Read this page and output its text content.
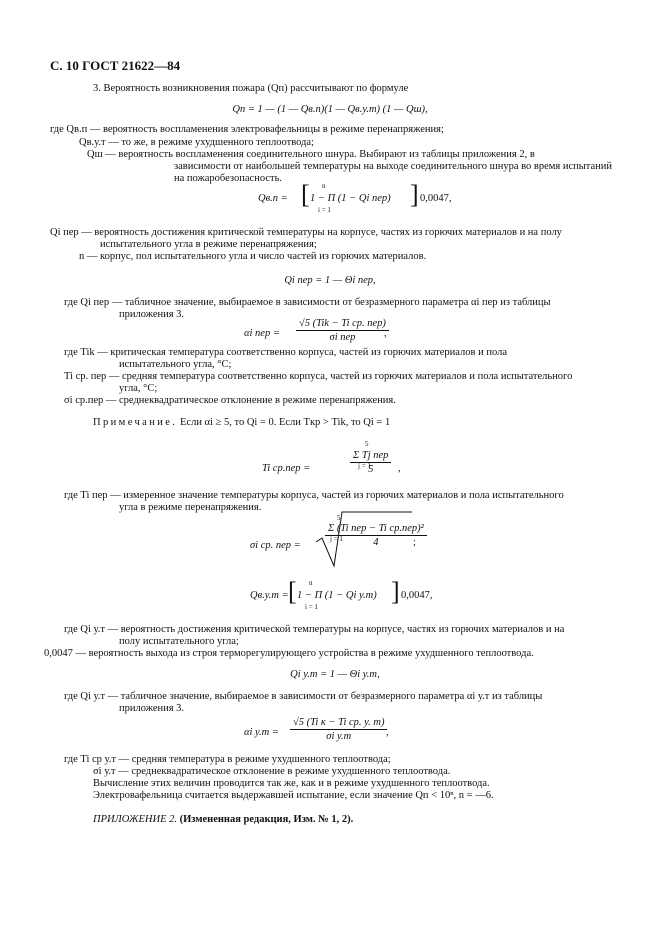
С. 10 ГОСТ 21622—84
3. Вероятность возникновения пожара (Qп) рассчитывают по формуле
Qп = 1 — (1 — Qв.п)(1 — Qв.у.т) (1 — Qш),
где Qв.п — вероятность воспламенения электровафельницы в режиме перенапряжения;
Qв.у.т — то же, в режиме ухудшенного теплоотвода;
Qш — вероятность воспламенения соединительного шнура. Выбирают из таблицы приложения 2, в
зависимости от наибольшей температуры на выходе соединительного шнура во время испытаний
на пожаробезопасность.
Qв.п = [ n
1 − Π (1 − Qi пер)
i = 1
] 0,0047,
Qi пер — вероятность достижения критической температуры на корпусе, частях из горючих материалов и на полу
испытательного угла в режиме перенапряжения;
n — корпус, пол испытательного угла и число частей из горючих материалов.
Qi пер = 1 — Θi пер,
где Qi пер — табличное значение, выбираемое в зависимости от безразмерного параметра αi пер из таблицы
приложения 3.
αi пер = $\frac{\text{√5 (Tik − Ti ср. пер)}}{\text{σi пер}}$
,
где Tik — критическая температура соответственно корпуса, частей из горючих материалов и пола
испытательного угла, °С;
Ti ср. пер — средняя температура соответственно корпуса, частей из горючих материалов и пола испытательного
угла, °С;
σi ср.пер — среднеквадратическое отклонение в режиме перенапряжения.
Примечание. Если αi ≥ 5, то Qi = 0. Если Tкр > Tik, то Qi = 1
5
Ti ср.пер =	$\frac{\text{Σ Tj пер}}{5}$
j = 1	,
где Ti пер — измеренное значение температуры корпуса, частей из горючих материалов и пола испытательного
угла в режиме перенапряжения.
σi ср. пер =
5
$\frac{\text{Σ (Ti пер − Ti ср.пер)²}}{4}$
j = 1	;
Qв.у.т = [ n
1 − Π (1 − Qi у.т)
i = 1
] 0,0047,
где Qi у.т — вероятность достижения критической температуры на корпусе, частях из горючих материалов и на
полу испытательного угла;
0,0047 — вероятность выхода из строя терморегулирующего устройства в режиме ухудшенного теплоотвода.
Qi у.т = 1 — Θi у.т,
где Qi у.т — табличное значение, выбираемое в зависимости от безразмерного параметра αi у.т из таблицы
приложения 3.
αi $у.т = \frac{\text{√5 (Ti к − Ti ср. у. т)}}{\text{σi у.т}}$
,
где Ti ср у.т — средняя температура в режиме ухудшенного теплоотвода;
σi у.т — среднеквадратическое отклонение в режиме ухудшенного теплоотвода.
Вычисление этих величин проводится так же, как и в режиме ухудшенного теплоотвода.
Электровафельница считается выдержавшей испытание, если значение Qп < 10ⁿ, n = —6.
ПРИЛОЖЕНИЕ 2. (Измененная редакция, Изм. № 1, 2).
